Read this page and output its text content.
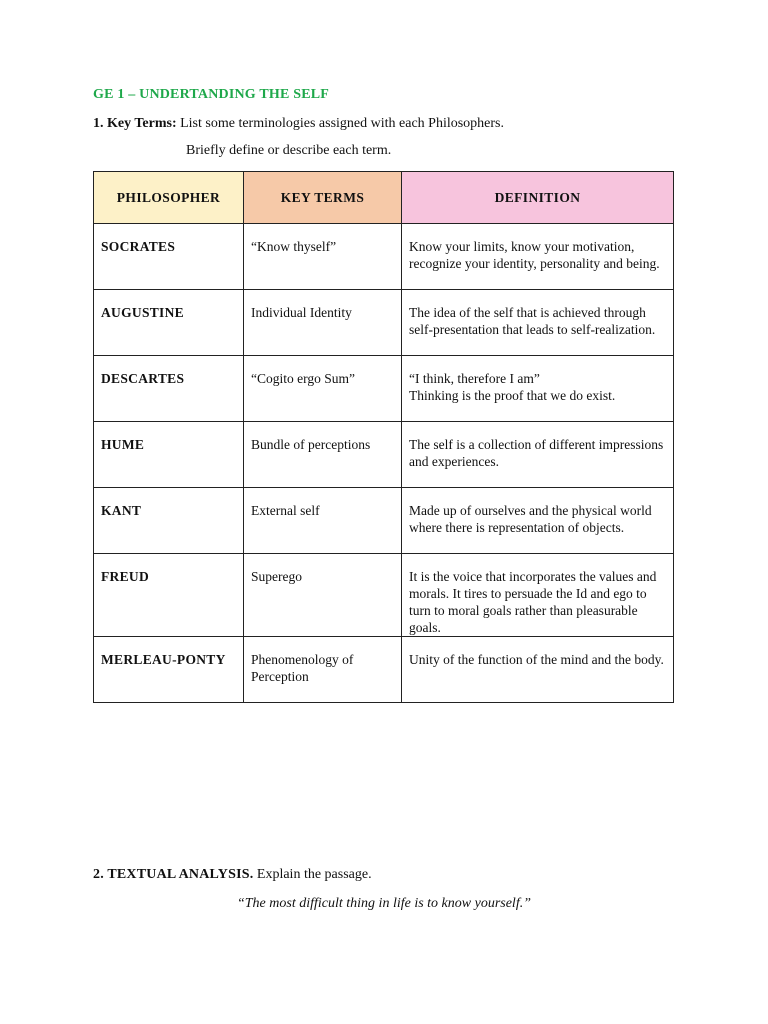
GE 1 – UNDERTANDING THE SELF
1. Key Terms: List some terminologies assigned with each Philosophers.
Briefly define or describe each term.
PHILOSOPHER	KEY TERMS	DEFINITION
SOCRATES	“Know thyself”	Know your limits, know your motivation, recognize your identity, personality and being.
AUGUSTINE	Individual Identity	The idea of the self that is achieved through self-presentation that leads to self-realization.
DESCARTES	“Cogito ergo Sum”	“I think, therefore I am”
Thinking is the proof that we do exist.
HUME	Bundle of perceptions	The self is a collection of different impressions and experiences.
KANT	External self	Made up of ourselves and the physical world where there is representation of objects.
FREUD	Superego	It is the voice that incorporates the values and morals. It tires to persuade the Id and ego to turn to moral goals rather than pleasurable goals.
MERLEAU-PONTY	Phenomenology of Perception	Unity of the function of the mind and the body.
2. TEXTUAL ANALYSIS. Explain the passage.
“The most difficult thing in life is to know yourself.”
